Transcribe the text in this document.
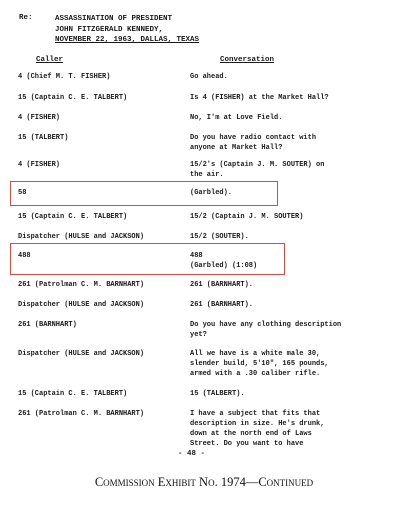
Re:	ASSASSINATION OF PRESIDENT
JOHN FITZGERALD KENNEDY,
NOVEMBER 22, 1963, DALLAS, TEXAS
Caller	Conversation
4 (Chief M. T. FISHER)	Go ahead.
15 (Captain C. E. TALBERT)	Is 4 (FISHER) at the Market Hall?
4 (FISHER)	No, I'm at Love Field.
15 (TALBERT)	Do you have radio contact with
anyone at Market Hall?
4 (FISHER)	15/2's (Captain J. M. SOUTER) on
the air.
58	(Garbled).
15 (Captain C. E. TALBERT)	15/2 (Captain J. M. SOUTER)
Dispatcher (HULSE and JACKSON)	15/2 (SOUTER).
488	488
(Garbled) (1:08)
261 (Patrolman C. M. BARNHART)	261 (BARNHART).
Dispatcher (HULSE and JACKSON)	261 (BARNHART).
261 (BARNHART)	Do you have any clothing description
yet?
Dispatcher (HULSE and JACKSON)	All we have is a white male 30,
slender build, 5'10", 165 pounds,
armed with a .30 caliber rifle.
15 (Captain C. E. TALBERT)	15 (TALBERT).
261 (Patrolman C. M. BARNHART)	I have a subject that fits that
description in size. He's drunk,
down at the north end of Laws
Street. Do you want to have
- 48 -
Commission Exhibit No. 1974—Continued
